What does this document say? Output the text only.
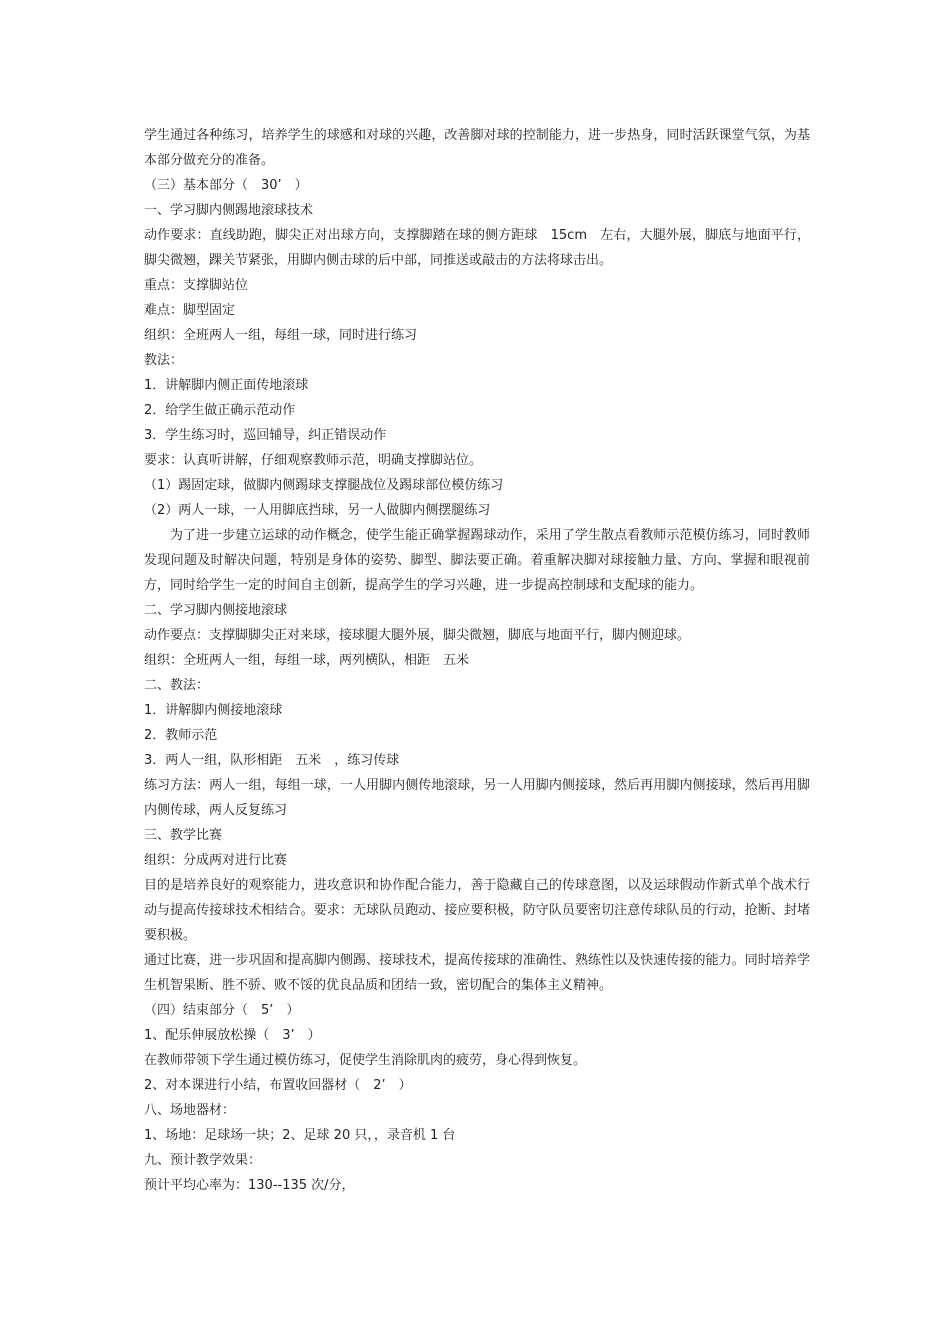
学生通过各种练习，培养学生的球感和对球的兴趣，改善脚对球的控制能力，进一步热身，同时活跃课堂气氛，为基本部分做充分的准备。

（三）基本部分（　30’　）

一、学习脚内侧踢地滚球技术

动作要求：直线助跑，脚尖正对出球方向，支撑脚踏在球的侧方距球　15cm　左右，大腿外展，脚底与地面平行，脚尖微翘，踝关节紧张，用脚内侧击球的后中部，同推送或敲击的方法将球击出。

重点：支撑脚站位

难点：脚型固定

组织：全班两人一组，每组一球，同时进行练习

教法：

1．讲解脚内侧正面传地滚球

2．给学生做正确示范动作

3．学生练习时，巡回辅导，纠正错误动作

要求：认真听讲解，仔细观察教师示范，明确支撑脚站位。

（1）踢固定球，做脚内侧踢球支撑腿战位及踢球部位模仿练习

（2）两人一球，一人用脚底挡球，另一人做脚内侧摆腿练习

为了进一步建立运球的动作概念，使学生能正确掌握踢球动作，采用了学生散点看教师示范模仿练习，同时教师发现问题及时解决问题，特别是身体的姿势、脚型、脚法要正确。着重解决脚对球接触力量、方向、掌握和眼视前方，同时给学生一定的时间自主创新，提高学生的学习兴趣，进一步提高控制球和支配球的能力。

二、学习脚内侧接地滚球

动作要点：支撑脚脚尖正对来球，接球腿大腿外展，脚尖微翘，脚底与地面平行，脚内侧迎球。

组织：全班两人一组，每组一球，两列横队，相距　五米

二、教法：

1．讲解脚内侧接地滚球

2．教师示范

3．两人一组，队形相距　五米　，练习传球

练习方法：两人一组，每组一球，一人用脚内侧传地滚球，另一人用脚内侧接球，然后再用脚内侧接球，然后再用脚内侧传球，两人反复练习

三、教学比赛

组织：分成两对进行比赛

目的是培养良好的观察能力，进攻意识和协作配合能力，善于隐藏自己的传球意图，以及运球假动作新式单个战术行动与提高传接球技术相结合。要求：无球队员跑动、接应要积极，防守队员要密切注意传球队员的行动，抢断、封堵要积极。

通过比赛，进一步巩固和提高脚内侧踢、接球技术，提高传接球的准确性、熟练性以及快速传接的能力。同时培养学生机智果断、胜不骄、败不馁的优良品质和团结一致，密切配合的集体主义精神。

（四）结束部分（　5’　）

1、配乐伸展放松操（　3’　）

在教师带领下学生通过模仿练习，促使学生消除肌肉的疲劳，身心得到恢复。

2、对本课进行小结，布置收回器材（　2’　）

八、场地器材：

1、场地：足球场一块；2、足球 20 只，，录音机 1 台

九、预计教学效果：

预计平均心率为：130--135 次/分，
